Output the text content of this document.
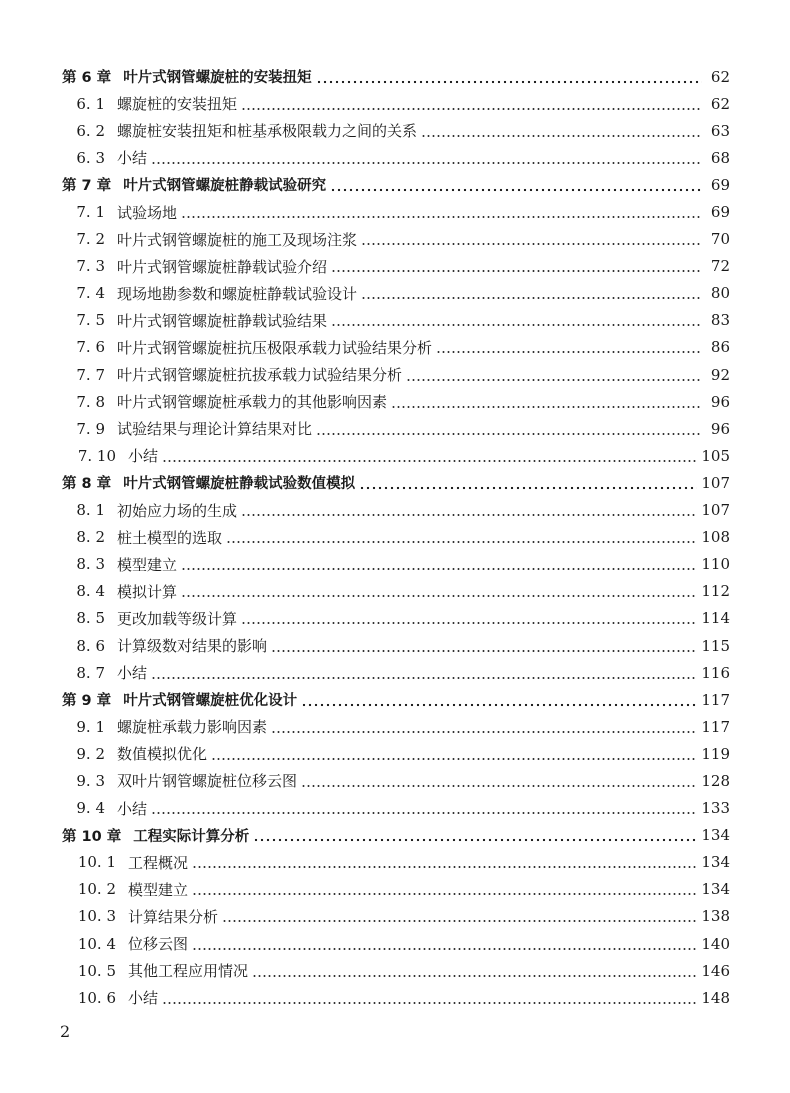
第 6 章 叶片式钢管螺旋桩的安装扭矩	62
6. 1 螺旋桩的安装扭矩	62
6. 2 螺旋桩安装扭矩和桩基承极限载力之间的关系	63
6. 3 小结	68
第 7 章 叶片式钢管螺旋桩静载试验研究	69
7. 1 试验场地	69
7. 2 叶片式钢管螺旋桩的施工及现场注浆	70
7. 3 叶片式钢管螺旋桩静载试验介绍	72
7. 4 现场地勘参数和螺旋桩静载试验设计	80
7. 5 叶片式钢管螺旋桩静载试验结果	83
7. 6 叶片式钢管螺旋桩抗压极限承载力试验结果分析	86
7. 7 叶片式钢管螺旋桩抗拔承载力试验结果分析	92
7. 8 叶片式钢管螺旋桩承载力的其他影响因素	96
7. 9 试验结果与理论计算结果对比	96
7. 10 小结	105
第 8 章 叶片式钢管螺旋桩静载试验数值模拟	107
8. 1 初始应力场的生成	107
8. 2 桩土模型的选取	108
8. 3 模型建立	110
8. 4 模拟计算	112
8. 5 更改加载等级计算	114
8. 6 计算级数对结果的影响	115
8. 7 小结	116
第 9 章 叶片式钢管螺旋桩优化设计	117
9. 1 螺旋桩承载力影响因素	117
9. 2 数值模拟优化	119
9. 3 双叶片钢管螺旋桩位移云图	128
9. 4 小结	133
第 10 章 工程实际计算分析	134
10. 1 工程概况	134
10. 2 模型建立	134
10. 3 计算结果分析	138
10. 4 位移云图	140
10. 5 其他工程应用情况	146
10. 6 小结	148
2
